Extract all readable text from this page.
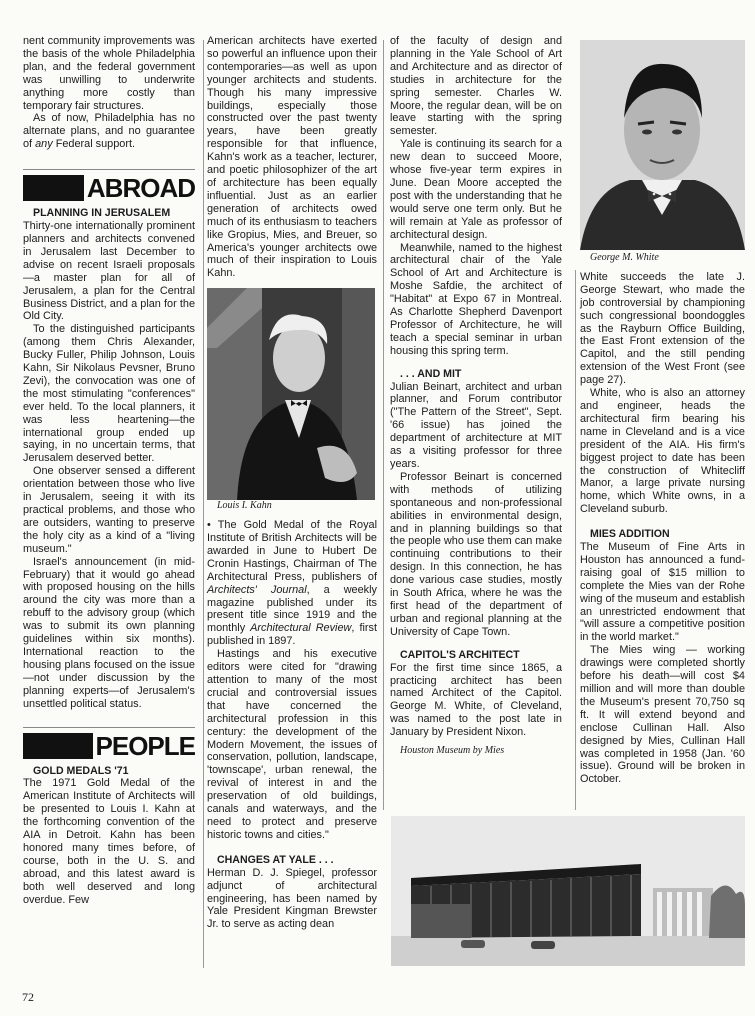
nent community improvements was the basis of the whole Philadelphia plan, and the federal government was unwilling to underwrite anything more costly than temporary fair structures.

As of now, Philadelphia has no alternate plans, and no guarantee of any Federal support.

ABROAD

PLANNING IN JERUSALEM

Thirty-one internationally prominent planners and architects convened in Jerusalem last December to advise on recent Israeli proposals—a master plan for all of Jerusalem, a plan for the Central Business District, and a plan for the Old City.

To the distinguished participants (among them Chris Alexander, Bucky Fuller, Philip Johnson, Louis Kahn, Sir Nikolaus Pevsner, Bruno Zevi), the convocation was one of the most stimulating "conferences" ever held. To the local planners, it was less heartening—the international group ended up saying, in no uncertain terms, that Jerusalem deserved better.

One observer sensed a different orientation between those who live in Jerusalem, seeing it with its practical problems, and those who are outsiders, wanting to preserve the holy city as a kind of a "living museum."

Israel's announcement (in mid-February) that it would go ahead with proposed housing on the hills around the city was more than a rebuff to the advisory group (which was to submit its own planning guidelines within six months). International reaction to the housing plans focused on the issue—not under discussion by the planning experts—of Jerusalem's unsettled political status.

PEOPLE

GOLD MEDALS '71

The 1971 Gold Medal of the American Institute of Architects will be presented to Louis I. Kahn at the forthcoming convention of the AIA in Detroit. Kahn has been honored many times before, of course, both in the U. S. and abroad, and this latest award is both well deserved and long overdue. Few

American architects have exerted so powerful an influence upon their contemporaries—as well as upon younger architects and students. Though his many impressive buildings, especially those constructed over the past twenty years, have been greatly responsible for that influence, Kahn's work as a teacher, lecturer, and poetic philosophizer of the art of architecture has been equally influential. Just as an earlier generation of architects owed much of its enthusiasm to teachers like Gropius, Mies, and Breuer, so America's younger architects owe much of their inspiration to Louis Kahn.

Louis I. Kahn

• The Gold Medal of the Royal Institute of British Architects will be awarded in June to Hubert De Cronin Hastings, Chairman of The Architectural Press, publishers of Architects' Journal, a weekly magazine published under its present title since 1919 and the monthly Architectural Review, first published in 1897.

Hastings and his executive editors were cited for "drawing attention to many of the most crucial and controversial issues that have concerned the architectural profession in this century: the development of the Modern Movement, the issues of conservation, pollution, landscape, 'townscape', urban renewal, the revival of interest in and the preservation of old buildings, canals and waterways, and the need to protect and preserve historic towns and cities."

CHANGES AT YALE . . .

Herman D. J. Spiegel, professor adjunct of architectural engineering, has been named by Yale President Kingman Brewster Jr. to serve as acting dean

of the faculty of design and planning in the Yale School of Art and Architecture and as director of studies in architecture for the spring semester. Charles W. Moore, the regular dean, will be on leave starting with the spring semester.

Yale is continuing its search for a new dean to succeed Moore, whose five-year term expires in June. Dean Moore accepted the post with the understanding that he would serve one term only. But he will remain at Yale as professor of architectural design.

Meanwhile, named to the highest architectural chair of the Yale School of Art and Architecture is Moshe Safdie, the architect of "Habitat" at Expo 67 in Montreal. As Charlotte Shepherd Davenport Professor of Architecture, he will teach a special seminar in urban housing this spring term.

. . . AND MIT

Julian Beinart, architect and urban planner, and Forum contributor ("The Pattern of the Street", Sept. '66 issue) has joined the department of architecture at MIT as a visiting professor for three years.

Professor Beinart is concerned with methods of utilizing spontaneous and non-professional abilities in environmental design, and in planning buildings so that the people who use them can make continuing contributions to their design. In this connection, he has done various case studies, mostly in South Africa, where he was the first head of the department of urban and regional planning at the University of Cape Town.

CAPITOL'S ARCHITECT

For the first time since 1865, a practicing architect has been named Architect of the Capitol. George M. White, of Cleveland, was named to the post late in January by President Nixon.

Houston Museum by Mies

George M. White

White succeeds the late J. George Stewart, who made the job controversial by championing such congressional boondoggles as the Rayburn Office Building, the East Front extension of the Capitol, and the still pending extension of the West Front (see page 27).

White, who is also an attorney and engineer, heads the architectural firm bearing his name in Cleveland and is a vice president of the AIA. His firm's biggest project to date has been the construction of Whitecliff Manor, a large private nursing home, which White owns, in a Cleveland suburb.

MIES ADDITION

The Museum of Fine Arts in Houston has announced a fund-raising goal of $15 million to complete the Mies van der Rohe wing of the museum and establish an unrestricted endowment that "will assure a competitive position in the world market."

The Mies wing — working drawings were completed shortly before his death—will cost $4 million and will more than double the Museum's present 70,750 sq ft. It will extend beyond and enclose Cullinan Hall. Also designed by Mies, Cullinan Hall was completed in 1958 (Jan. '60 issue). Ground will be broken in October.

72
